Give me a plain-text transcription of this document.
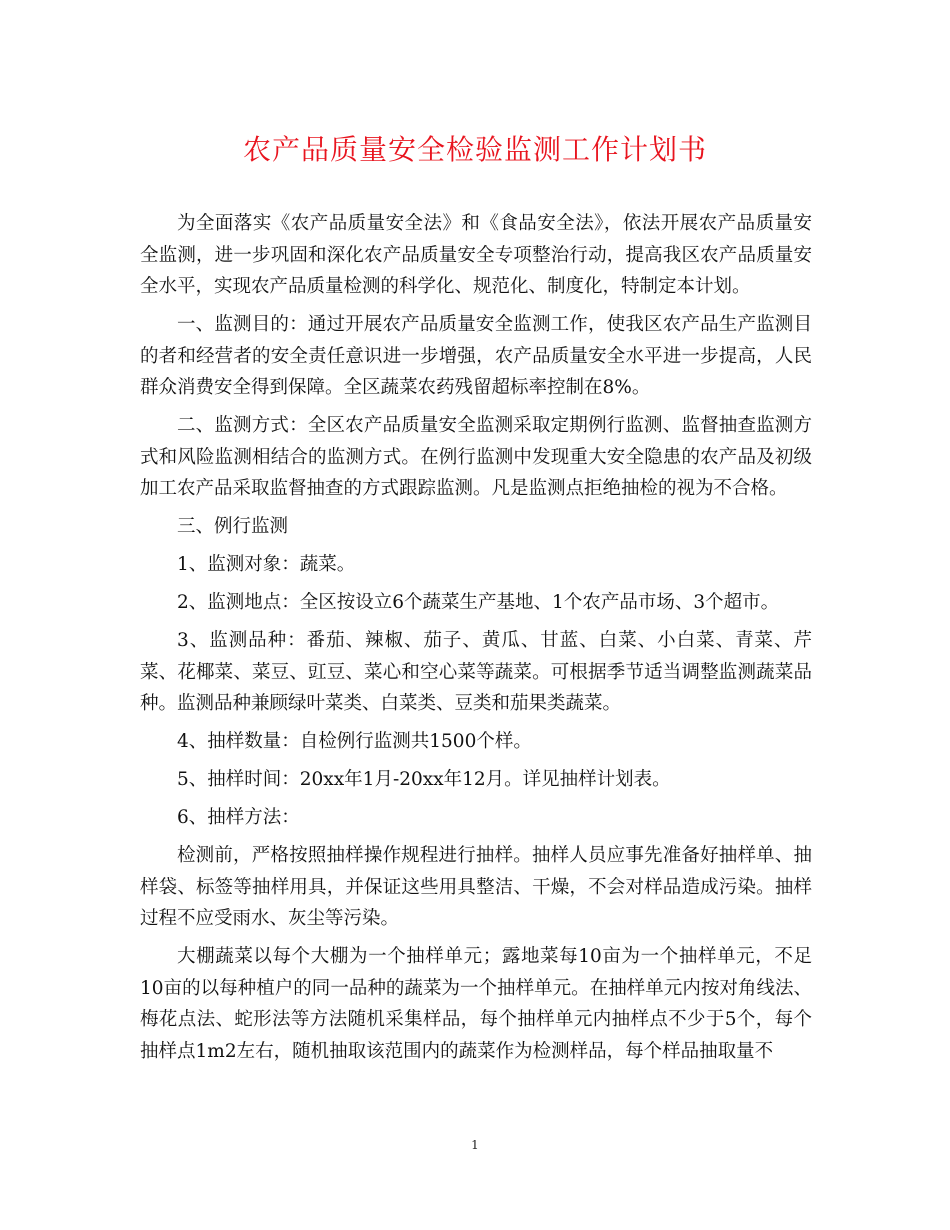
农产品质量安全检验监测工作计划书

为全面落实《农产品质量安全法》和《食品安全法》，依法开展农产品质量安全监测，进一步巩固和深化农产品质量安全专项整治行动，提高我区农产品质量安全水平，实现农产品质量检测的科学化、规范化、制度化，特制定本计划。

一、监测目的：通过开展农产品质量安全监测工作，使我区农产品生产监测目的者和经营者的安全责任意识进一步增强，农产品质量安全水平进一步提高，人民群众消费安全得到保障。全区蔬菜农药残留超标率控制在8%。

二、监测方式：全区农产品质量安全监测采取定期例行监测、监督抽查监测方式和风险监测相结合的监测方式。在例行监测中发现重大安全隐患的农产品及初级加工农产品采取监督抽查的方式跟踪监测。凡是监测点拒绝抽检的视为不合格。

三、例行监测

1、监测对象：蔬菜。

2、监测地点：全区按设立6个蔬菜生产基地、1个农产品市场、3个超市。

3、监测品种：番茄、辣椒、茄子、黄瓜、甘蓝、白菜、小白菜、青菜、芹菜、花椰菜、菜豆、豇豆、菜心和空心菜等蔬菜。可根据季节适当调整监测蔬菜品种。监测品种兼顾绿叶菜类、白菜类、豆类和茄果类蔬菜。

4、抽样数量：自检例行监测共1500个样。

5、抽样时间：20xx年1月-20xx年12月。详见抽样计划表。

6、抽样方法：

检测前，严格按照抽样操作规程进行抽样。抽样人员应事先准备好抽样单、抽样袋、标签等抽样用具，并保证这些用具整洁、干燥，不会对样品造成污染。抽样过程不应受雨水、灰尘等污染。

大棚蔬菜以每个大棚为一个抽样单元；露地菜每10亩为一个抽样单元，不足10亩的以每种植户的同一品种的蔬菜为一个抽样单元。在抽样单元内按对角线法、梅花点法、蛇形法等方法随机采集样品，每个抽样单元内抽样点不少于5个，每个抽样点1m2左右，随机抽取该范围内的蔬菜作为检测样品，每个样品抽取量不

1
